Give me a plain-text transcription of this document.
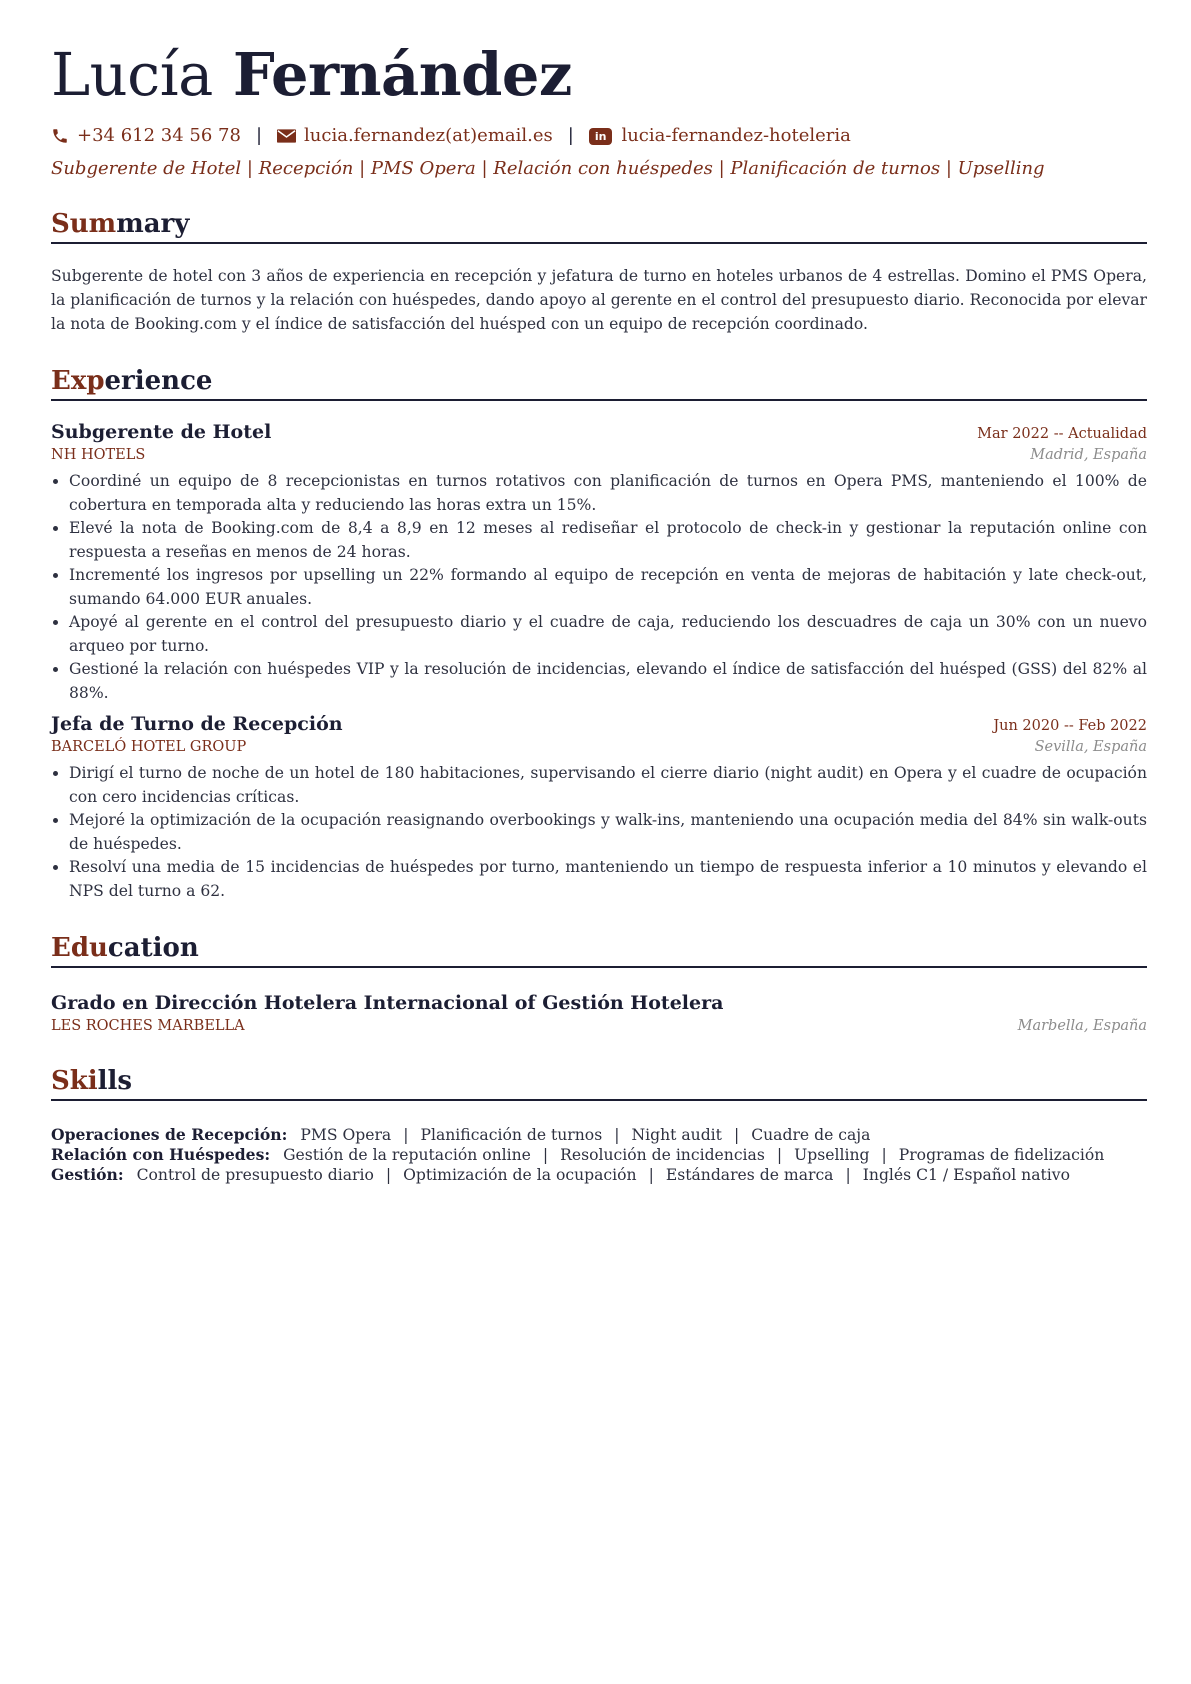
Lucía Fernández
+34 612 34 56 78 | lucia.fernandez(at)email.es |	in lucia-fernandez-hoteleria
Subgerente de Hotel | Recepción | PMS Opera | Relación con huéspedes | Planificación de turnos | Upselling
Summary
Subgerente de hotel con 3 años de experiencia en recepción y jefatura de turno en hoteles urbanos de 4 estrellas. Domino el PMS Opera, la planificación de turnos y la relación con huéspedes, dando apoyo al gerente en el control del presupuesto diario. Reconocida por elevar la nota de Booking.com y el índice de satisfacción del huésped con un equipo de recepción coordinado.
Experience
Subgerente de Hotel	Mar 2022 -- Actualidad
NH HOTELS	Madrid, España
• Coordiné un equipo de 8 recepcionistas en turnos rotativos con planificación de turnos en Opera PMS, manteniendo el 100% de cobertura en temporada alta y reduciendo las horas extra un 15%.
• Elevé la nota de Booking.com de 8,4 a 8,9 en 12 meses al rediseñar el protocolo de check-in y gestionar la reputación online con respuesta a reseñas en menos de 24 horas.
• Incrementé los ingresos por upselling un 22% formando al equipo de recepción en venta de mejoras de habitación y late check-out, sumando 64.000 EUR anuales.
• Apoyé al gerente en el control del presupuesto diario y el cuadre de caja, reduciendo los descuadres de caja un 30% con un nuevo arqueo por turno.
• Gestioné la relación con huéspedes VIP y la resolución de incidencias, elevando el índice de satisfacción del huésped (GSS) del 82% al 88%.
Jefa de Turno de Recepción	Jun 2020 -- Feb 2022
BARCELÓ HOTEL GROUP	Sevilla, España
• Dirigí el turno de noche de un hotel de 180 habitaciones, supervisando el cierre diario (night audit) en Opera y el cuadre de ocupación con cero incidencias críticas.
• Mejoré la optimización de la ocupación reasignando overbookings y walk-ins, manteniendo una ocupación media del 84% sin walk-outs de huéspedes.
• Resolví una media de 15 incidencias de huéspedes por turno, manteniendo un tiempo de respuesta inferior a 10 minutos y elevando el NPS del turno a 62.
Education
Grado en Dirección Hotelera Internacional of Gestión Hotelera
LES ROCHES MARBELLA	Marbella, España
Skills
Operaciones de Recepción: PMS Opera | Planificación de turnos | Night audit | Cuadre de caja
Relación con Huéspedes: Gestión de la reputación online | Resolución de incidencias | Upselling | Programas de fidelización
Gestión: Control de presupuesto diario | Optimización de la ocupación | Estándares de marca | Inglés C1 / Español nativo
